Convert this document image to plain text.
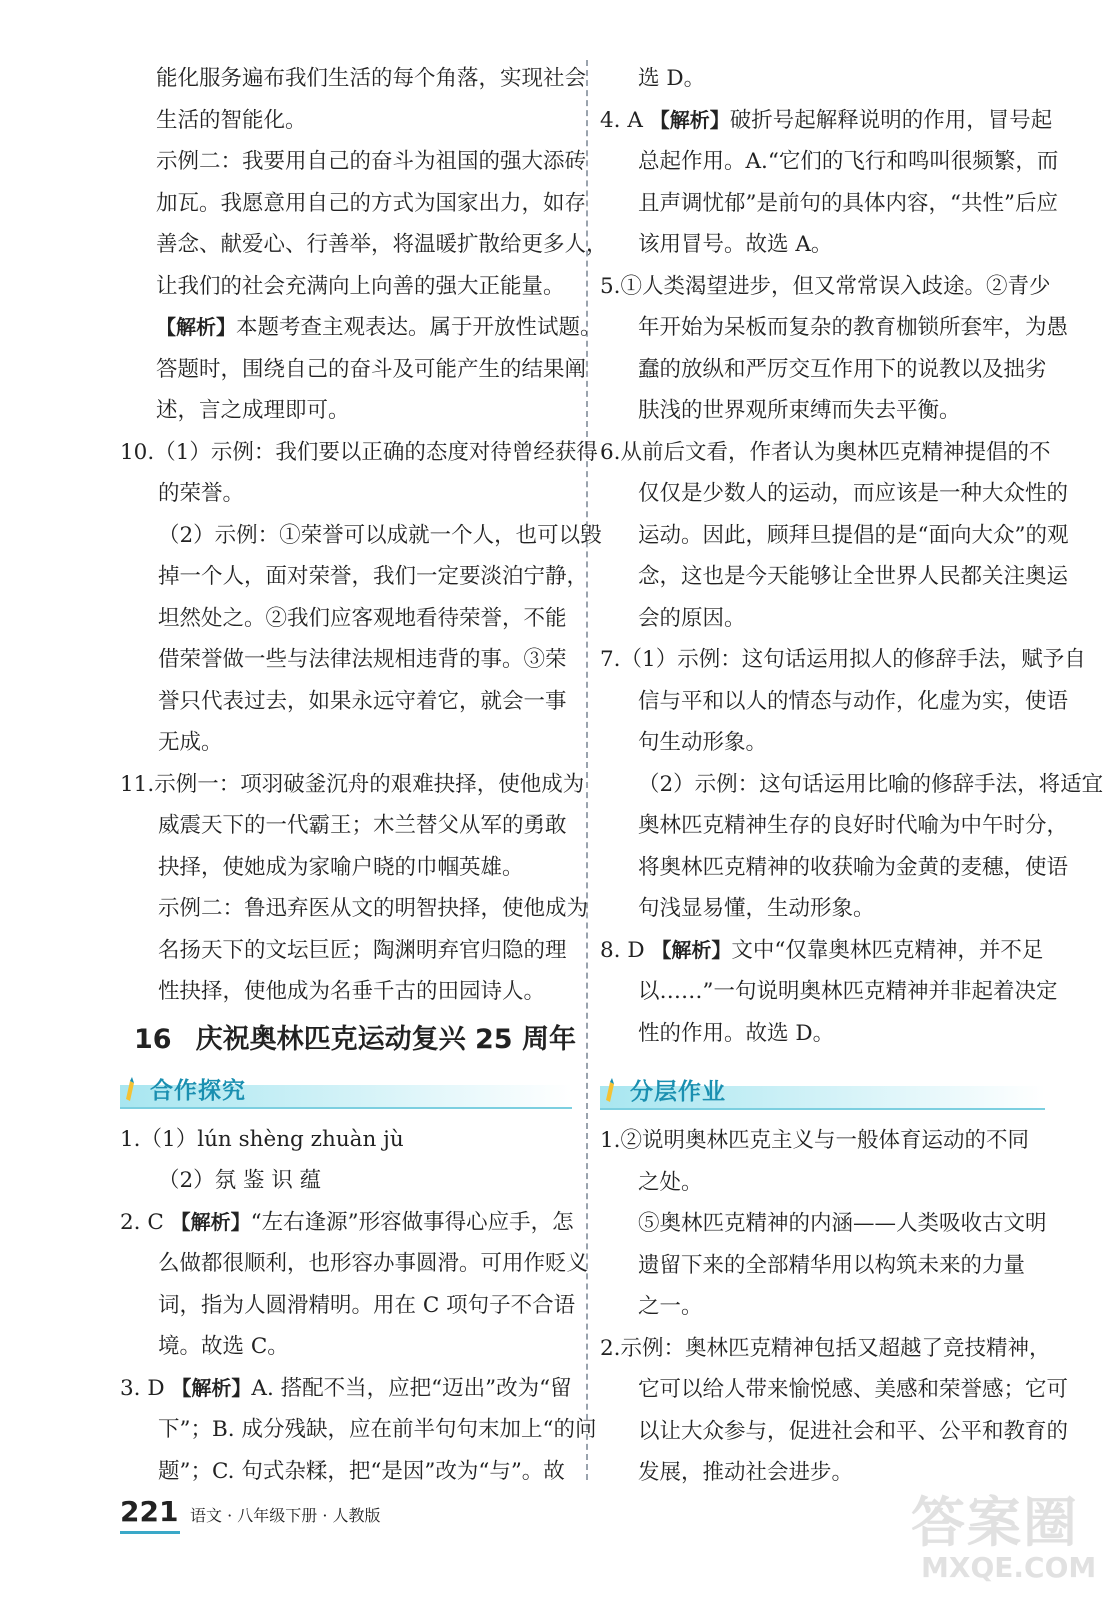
能化服务遍布我们生活的每个角落，实现社会

生活的智能化。

示例二：我要用自己的奋斗为祖国的强大添砖

加瓦。我愿意用自己的方式为国家出力，如存

善念、献爱心、行善举，将温暖扩散给更多人，

让我们的社会充满向上向善的强大正能量。

【解析】本题考查主观表达。属于开放性试题。

答题时，围绕自己的奋斗及可能产生的结果阐

述，言之成理即可。

10.（1）示例：我们要以正确的态度对待曾经获得

的荣誉。

（2）示例：①荣誉可以成就一个人，也可以毁

掉一个人，面对荣誉，我们一定要淡泊宁静，

坦然处之。②我们应客观地看待荣誉，不能

借荣誉做一些与法律法规相违背的事。③荣

誉只代表过去，如果永远守着它，就会一事

无成。

11.示例一：项羽破釜沉舟的艰难抉择，使他成为

威震天下的一代霸王；木兰替父从军的勇敢

抉择，使她成为家喻户晓的巾帼英雄。

示例二：鲁迅弃医从文的明智抉择，使他成为

名扬天下的文坛巨匠；陶渊明弃官归隐的理

性抉择，使他成为名垂千古的田园诗人。

16 庆祝奥林匹克运动复兴 25 周年
合作探究

1.（1）lún shèng zhuàn jù

（2）氛 鉴 识 蕴

2. C 【解析】“左右逢源”形容做事得心应手，怎

么做都很顺利，也形容办事圆滑。可用作贬义

词，指为人圆滑精明。用在 C 项句子不合语

境。故选 C。

3. D 【解析】A. 搭配不当，应把“迈出”改为“留

下”；B. 成分残缺，应在前半句句末加上“的问

题”；C. 句式杂糅，把“是因”改为“与”。故

选 D。

4. A 【解析】破折号起解释说明的作用，冒号起

总起作用。A.“它们的飞行和鸣叫很频繁，而

且声调忧郁”是前句的具体内容，“共性”后应

该用冒号。故选 A。

5.①人类渴望进步，但又常常误入歧途。②青少

年开始为呆板而复杂的教育枷锁所套牢，为愚

蠢的放纵和严厉交互作用下的说教以及拙劣

肤浅的世界观所束缚而失去平衡。

6.从前后文看，作者认为奥林匹克精神提倡的不

仅仅是少数人的运动，而应该是一种大众性的

运动。因此，顾拜旦提倡的是“面向大众”的观

念，这也是今天能够让全世界人民都关注奥运

会的原因。

7.（1）示例：这句话运用拟人的修辞手法，赋予自

信与平和以人的情态与动作，化虚为实，使语

句生动形象。

（2）示例：这句话运用比喻的修辞手法，将适宜

奥林匹克精神生存的良好时代喻为中午时分，

将奥林匹克精神的收获喻为金黄的麦穗，使语

句浅显易懂，生动形象。

8. D 【解析】文中“仅靠奥林匹克精神，并不足

以……”一句说明奥林匹克精神并非起着决定

性的作用。故选 D。

分层作业

1.②说明奥林匹克主义与一般体育运动的不同

之处。

⑤奥林匹克精神的内涵——人类吸收古文明

遗留下来的全部精华用以构筑未来的力量

之一。

2.示例：奥林匹克精神包括又超越了竞技精神，

它可以给人带来愉悦感、美感和荣誉感；它可

以让大众参与，促进社会和平、公平和教育的

发展，推动社会进步。

221 语文 · 八年级下册 · 人教版	答案圈
MXQE.COM
